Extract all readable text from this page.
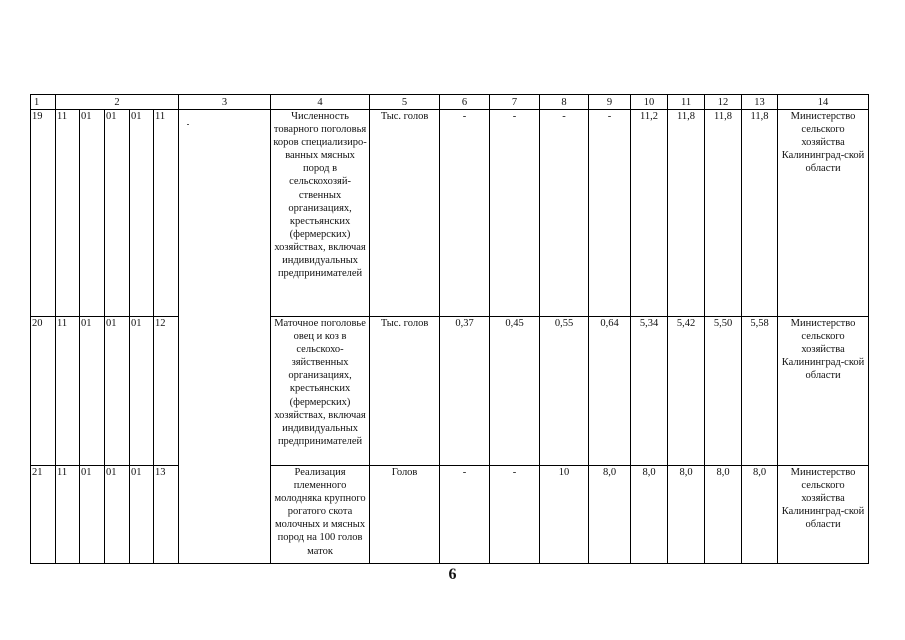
1	2					3	4	5	6	7	8	9	10	11	12	13	14
19	11	01	01	01	11		Численность товарного поголовья коров специализиро-ванных мясных пород в сельскохозяй-ственных организациях, крестьянских (фермерских) хозяйствах, включая индивидуальных предпринимателей	Тыс. голов	-	-	-	-	11,2	11,8	11,8	11,8	Министерство сельского хозяйства Калининград-ской области
20	11	01	01	01	12		Маточное поголовье овец и коз в сельскохо-зяйственных организациях, крестьянских (фермерских) хозяйствах, включая индивидуальных предпринимателей	Тыс. голов	0,37	0,45	0,55	0,64	5,34	5,42	5,50	5,58	Министерство сельского хозяйства Калининград-ской области
21	11	01	01	01	13		Реализация племенного молодняка крупного рогатого скота молочных и мясных пород на 100 голов маток	Голов	-	-	10	8,0	8,0	8,0	8,0	8,0	Министерство сельского хозяйства Калининград-ской области
6
